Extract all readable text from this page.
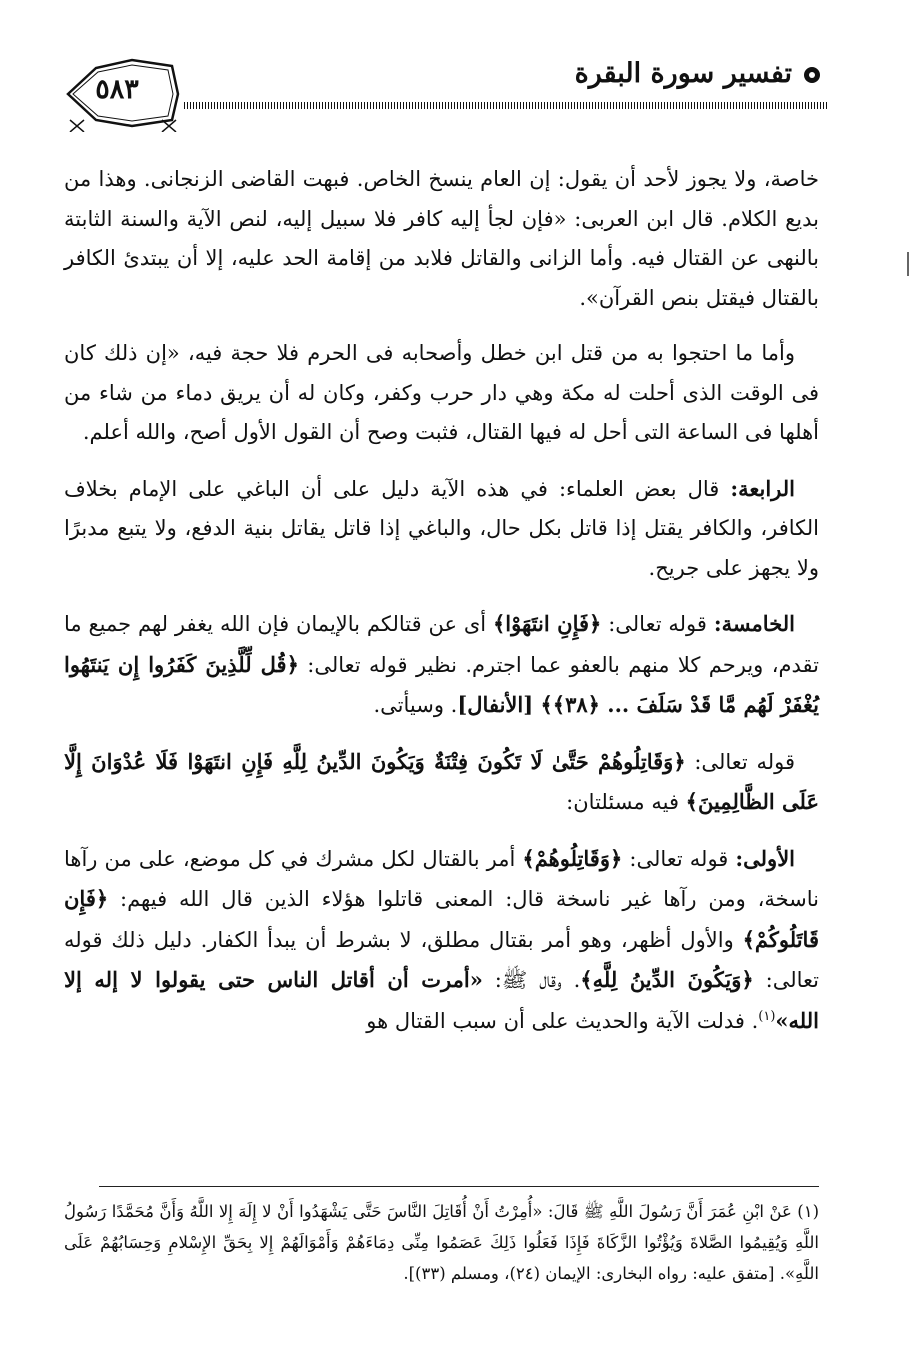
٥٨٣
تفسير سورة البقرة

خاصة، ولا يجوز لأحد أن يقول: إن العام ينسخ الخاص. فبهت القاضى الزنجانى. وهذا من بديع الكلام. قال ابن العربى: «فإن لجأ إليه كافر فلا سبيل إليه، لنص الآية والسنة الثابتة بالنهى عن القتال فيه. وأما الزانى والقاتل فلابد من إقامة الحد عليه، إلا أن يبتدئ الكافر بالقتال فيقتل بنص القرآن».

وأما ما احتجوا به من قتل ابن خطل وأصحابه فى الحرم فلا حجة فيه، «إن ذلك كان فى الوقت الذى أحلت له مكة وهي دار حرب وكفر، وكان له أن يريق دماء من شاء من أهلها فى الساعة التى أحل له فيها القتال، فثبت وصح أن القول الأول أصح، والله أعلم.

الرابعة: قال بعض العلماء: في هذه الآية دليل على أن الباغي على الإمام بخلاف الكافر، والكافر يقتل إذا قاتل بكل حال، والباغي إذا قاتل يقاتل بنية الدفع، ولا يتبع مدبرًا ولا يجهز على جريح.

الخامسة: قوله تعالى: ﴿فَإِنِ انتَهَوْا﴾ أى عن قتالكم بالإيمان فإن الله يغفر لهم جميع ما تقدم، ويرحم كلا منهم بالعفو عما اجترم. نظير قوله تعالى: ﴿قُل لِّلَّذِينَ كَفَرُوا إِن يَنتَهُوا يُغْفَرْ لَهُم مَّا قَدْ سَلَفَ ... ﴿٣٨﴾﴾ [الأنفال]. وسيأتى.

قوله تعالى: ﴿وَقَاتِلُوهُمْ حَتَّىٰ لَا تَكُونَ فِتْنَةٌ وَيَكُونَ الدِّينُ لِلَّهِ فَإِنِ انتَهَوْا فَلَا عُدْوَانَ إِلَّا عَلَى الظَّالِمِينَ﴾ فيه مسئلتان:

الأولى: قوله تعالى: ﴿وَقَاتِلُوهُمْ﴾ أمر بالقتال لكل مشرك في كل موضع، على من رآها ناسخة، ومن رآها غير ناسخة قال: المعنى قاتلوا هؤلاء الذين قال الله فيهم: ﴿فَإِن قَاتَلُوكُمْ﴾ والأول أظهر، وهو أمر بقتال مطلق، لا بشرط أن يبدأ الكفار. دليل ذلك قوله تعالى: ﴿وَيَكُونَ الدِّينُ لِلَّهِ﴾. وقال ﷺ: «أمرت أن أقاتل الناس حتى يقولوا لا إله إلا الله»$^{(١)}$. فدلت الآية والحديث على أن سبب القتال هو

(١) عَنْ ابْنِ عُمَرَ أَنَّ رَسُولَ اللَّهِ ﷺ قَالَ: «أُمِرْتُ أَنْ أُقَاتِلَ النَّاسَ حَتَّى يَشْهَدُوا أَنْ لا إِلَهَ إِلا اللَّهُ وَأَنَّ مُحَمَّدًا رَسُولُ اللَّهِ وَيُقِيمُوا الصَّلاةَ وَيُؤْتُوا الزَّكَاةَ فَإِذَا فَعَلُوا ذَلِكَ عَصَمُوا مِنِّى دِمَاءَهُمْ وَأَمْوَالَهُمْ إِلا بِحَقِّ الإِسْلامِ وَحِسَابُهُمْ عَلَى اللَّهِ». [متفق عليه: رواه البخارى: الإيمان (٢٤)، ومسلم (٣٣)].
